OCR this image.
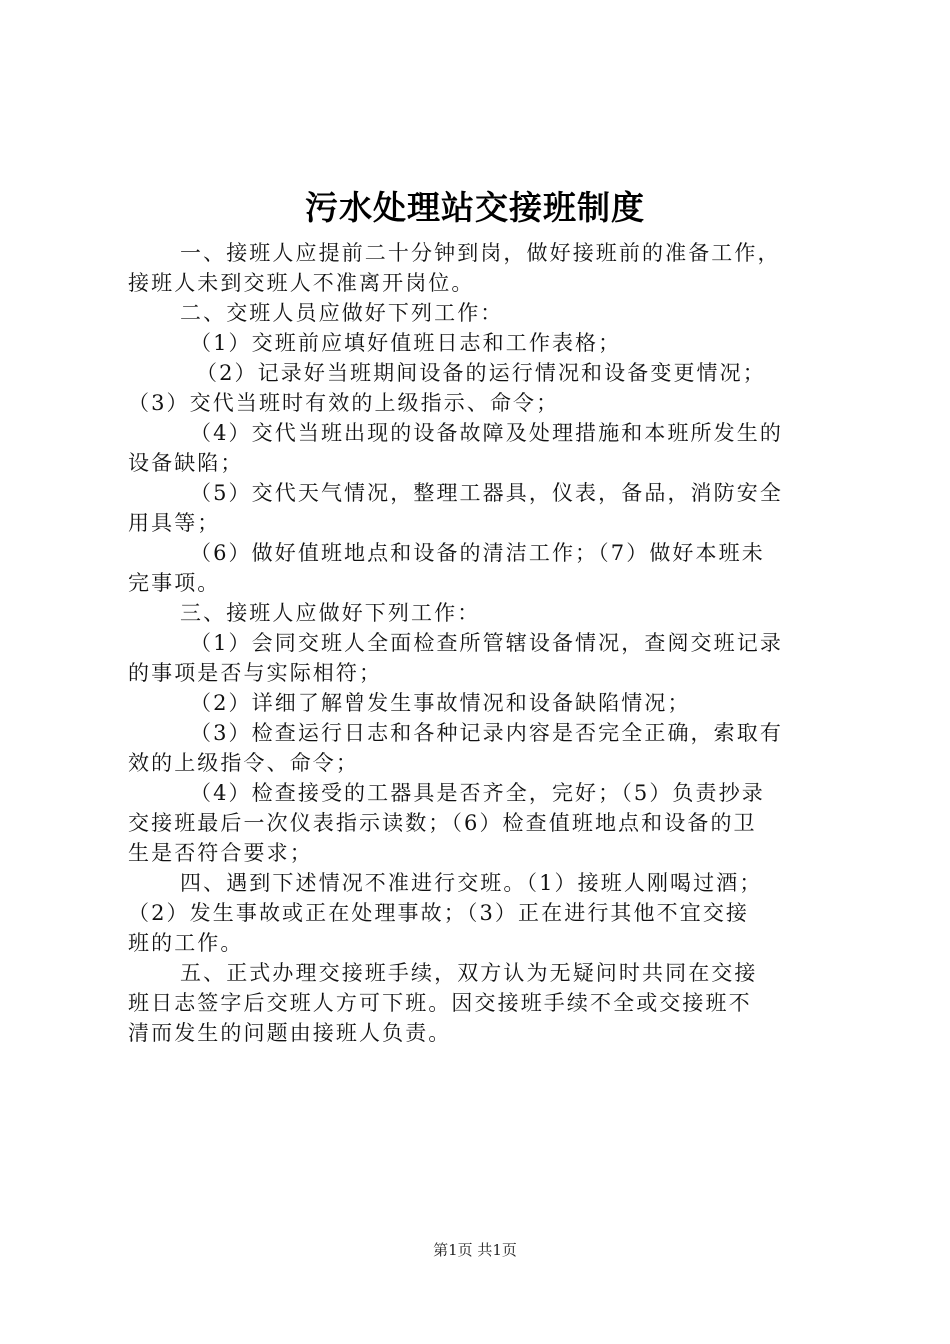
污水处理站交接班制度
一、接班人应提前二十分钟到岗，做好接班前的准备工作，
接班人未到交班人不准离开岗位。
二、交班人员应做好下列工作：
（1）交班前应填好值班日志和工作表格；
（2）记录好当班期间设备的运行情况和设备变更情况；
（3）交代当班时有效的上级指示、命令；
（4）交代当班出现的设备故障及处理措施和本班所发生的
设备缺陷；
（5）交代天气情况，整理工器具，仪表，备品，消防安全
用具等；
（6）做好值班地点和设备的清洁工作；（7）做好本班未
完事项。
三、接班人应做好下列工作：
（1）会同交班人全面检查所管辖设备情况，查阅交班记录
的事项是否与实际相符；
（2）详细了解曾发生事故情况和设备缺陷情况；
（3）检查运行日志和各种记录内容是否完全正确，索取有
效的上级指令、命令；
（4）检查接受的工器具是否齐全，完好；（5）负责抄录
交接班最后一次仪表指示读数；（6）检查值班地点和设备的卫
生是否符合要求；
四、遇到下述情况不准进行交班。（1）接班人刚喝过酒；
（2）发生事故或正在处理事故；（3）正在进行其他不宜交接
班的工作。
五、正式办理交接班手续，双方认为无疑问时共同在交接
班日志签字后交班人方可下班。因交接班手续不全或交接班不
清而发生的问题由接班人负责。
第1页 共1页
